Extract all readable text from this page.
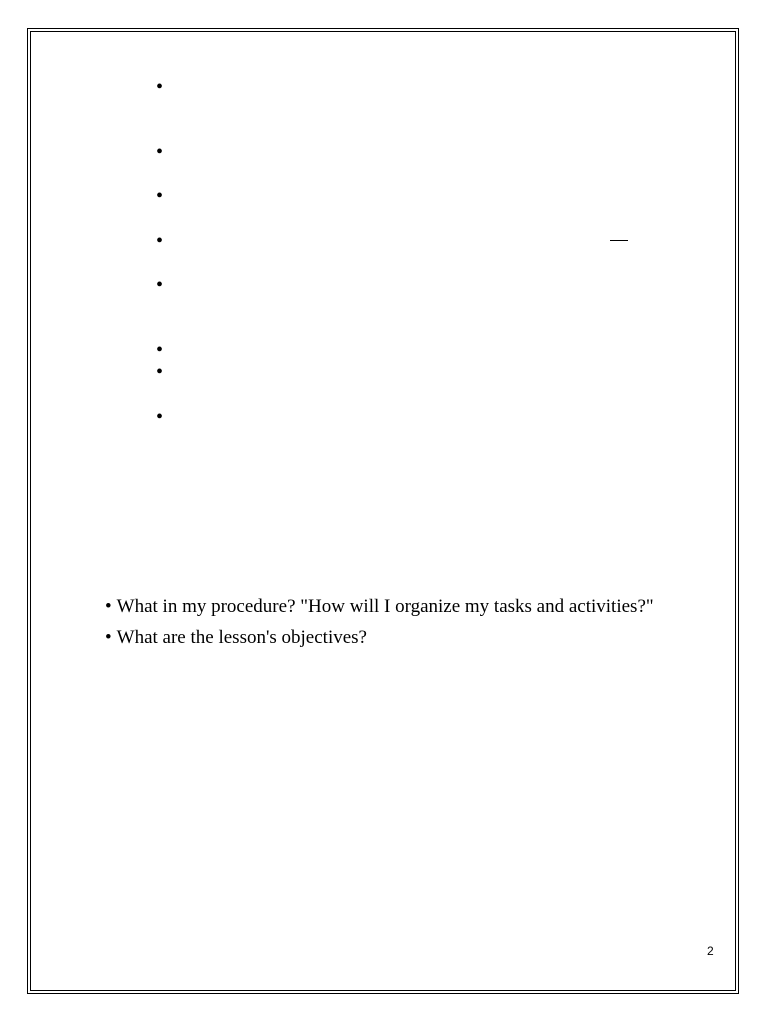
•
•
•
•
•
•
•
•
• What in my procedure? "How will I organize my tasks and activities?"
• What are the lesson's objectives?
2
